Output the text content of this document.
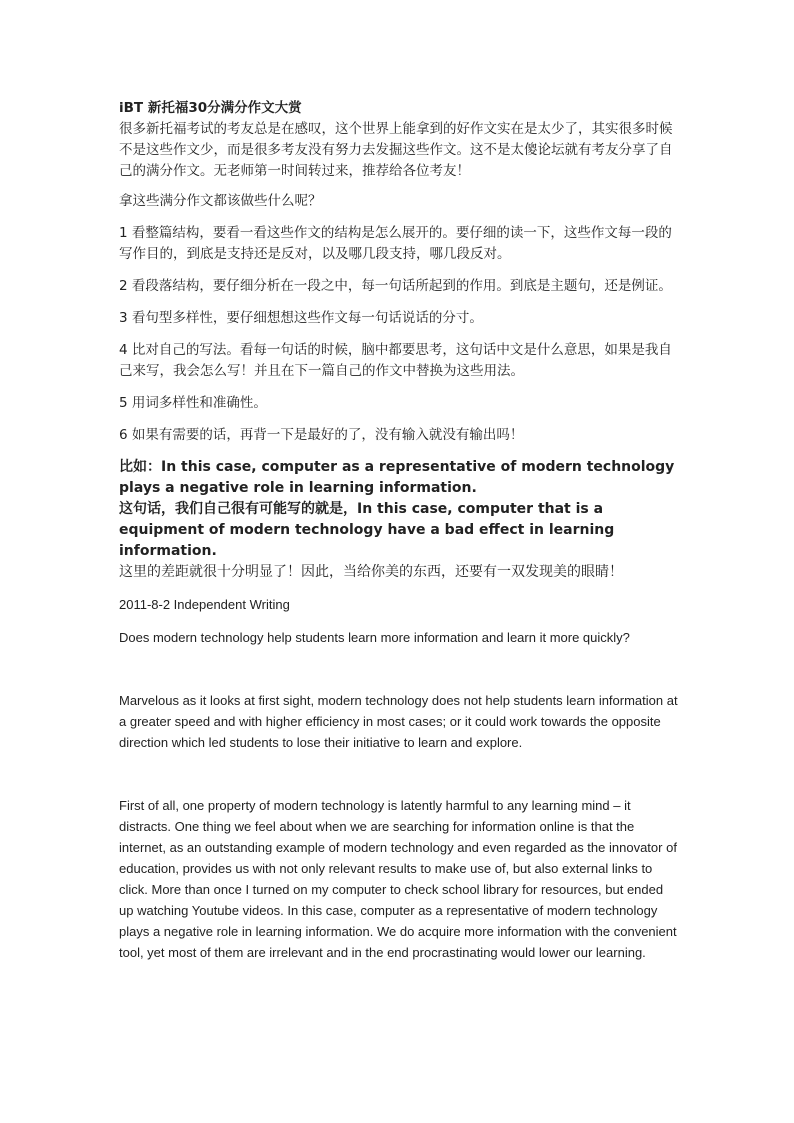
iBT 新托福30分满分作文大赏

很多新托福考试的考友总是在感叹，这个世界上能拿到的好作文实在是太少了，其实很多时候不是这些作文少，而是很多考友没有努力去发掘这些作文。这不是太傻论坛就有考友分享了自己的满分作文。无老师第一时间转过来，推荐给各位考友！

拿这些满分作文都该做些什么呢？

1 看整篇结构，要看一看这些作文的结构是怎么展开的。要仔细的读一下，这些作文每一段的写作目的，到底是支持还是反对，以及哪几段支持，哪几段反对。

2 看段落结构，要仔细分析在一段之中，每一句话所起到的作用。到底是主题句，还是例证。

3 看句型多样性，要仔细想想这些作文每一句话说话的分寸。

4 比对自己的写法。看每一句话的时候，脑中都要思考，这句话中文是什么意思，如果是我自己来写，我会怎么写！并且在下一篇自己的作文中替换为这些用法。

5 用词多样性和准确性。

6 如果有需要的话，再背一下是最好的了，没有输入就没有输出吗！

比如：In this case, computer as a representative of modern technology plays a negative role in learning information.

这句话，我们自己很有可能写的就是，In this case, computer that is a equipment of modern technology have a bad effect in learning information.

这里的差距就很十分明显了！因此，当给你美的东西，还要有一双发现美的眼睛！

2011-8-2 Independent Writing

Does modern technology help students learn more information and learn it more quickly?

Marvelous as it looks at first sight, modern technology does not help students learn information at a greater speed and with higher efficiency in most cases; or it could work towards the opposite direction which led students to lose their initiative to learn and explore.

First of all, one property of modern technology is latently harmful to any learning mind – it distracts. One thing we feel about when we are searching for information online is that the internet, as an outstanding example of modern technology and even regarded as the innovator of education, provides us with not only relevant results to make use of, but also external links to click. More than once I turned on my computer to check school library for resources, but ended up watching Youtube videos. In this case, computer as a representative of modern technology plays a negative role in learning information. We do acquire more information with the convenient tool, yet most of them are irrelevant and in the end procrastinating would lower our learning.
